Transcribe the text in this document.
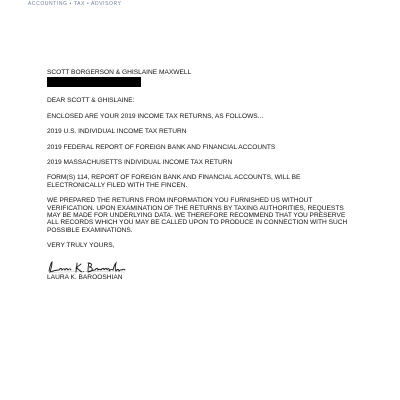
ACCOUNTING • TAX • ADVISORY
SCOTT BORGERSON & GHISLAINE MAXWELL
DEAR SCOTT & GHISLAINE:
ENCLOSED ARE YOUR 2019 INCOME TAX RETURNS, AS FOLLOWS...
2019 U.S. INDIVIDUAL INCOME TAX RETURN
2019 FEDERAL REPORT OF FOREIGN BANK AND FINANCIAL ACCOUNTS
2019 MASSACHUSETTS INDIVIDUAL INCOME TAX RETURN
FORM(S) 114, REPORT OF FOREIGN BANK AND FINANCIAL ACCOUNTS, WILL BE
ELECTRONICALLY FILED WITH THE FINCEN.
WE PREPARED THE RETURNS FROM INFORMATION YOU FURNISHED US WITHOUT
VERIFICATION. UPON EXAMINATION OF THE RETURNS BY TAXING AUTHORITIES, REQUESTS
MAY BE MADE FOR UNDERLYING DATA. WE THEREFORE RECOMMEND THAT YOU PRESERVE
ALL RECORDS WHICH YOU MAY BE CALLED UPON TO PRODUCE IN CONNECTION WITH SUCH
POSSIBLE EXAMINATIONS.
VERY TRULY YOURS,
LAURA K. BAROOSHIAN
